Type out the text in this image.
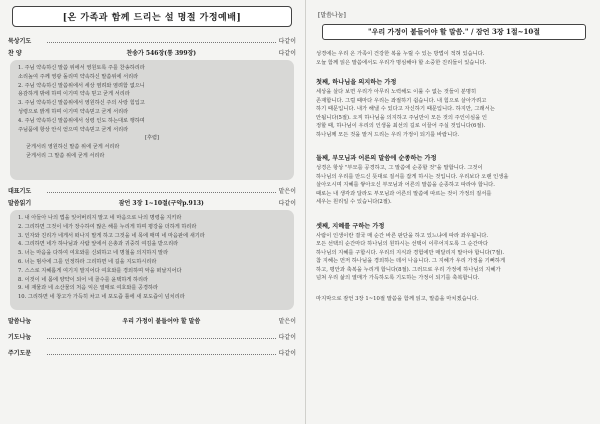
[온 가족과 함께 드리는 설 명절 가정예배]
묵상기도	다같이
찬 양	찬송가 546장(통 399장)	다같이
1. 주님 약속하신 말씀 위에서 영원토록 주를 찬송하리라
소리높여 주께 영광 돌리며 약속하신 말씀위에 서리라
2. 주님 약속하신 말씀위에서 세상 염려와 염려함 없으니
용감하게 밖에 하며 이기며 약속 믿고 굳게 서리라
3. 주님 약속하신 말씀위에서 영원하신 주의 사랑 힘입고
성령으로 밝게 하며 이기며 약속믿고 굳게 서리라
4. 주님 약속하신 말씀위에서 성령 인도 하는대로 행하며
주님품에 항상 안식 얻으며 약속믿고 굳게 서리라
[후렴]
굳게서리 영원하신 말씀 위에 굳게 서리라
굳게서리 그 말씀 위에 굳게 서리라
대표기도	맡은이
말씀읽기	잠언 3장 1~10절(구약p.913)	다같이
1. 내 아들아 나의 법을 잊어버리지 말고 네 마음으로 나의 명령을 지키라
2. 그리하면 그것이 네가 장수하여 많은 해를 누리게 하며 평강을 더하게 하리라
3. 인자와 진리가 네게서 떠나지 말게 하고 그것을 네 목에 매며 네 마음판에 새기라
4. 그리하면 네가 하나님과 사람 앞에서 은총과 귀중히 여김을 받으리라
5. 너는 마음을 다하여 여호와를 신뢰하고 네 명철을 의지하지 말라
6. 너는 범사에 그를 인정하라 그리하면 네 길을 지도하시리라
7. 스스로 지혜롭게 여기지 말지어다 여호와를 경외하며 악을 떠날지어다
8. 이것이 네 몸에 양약이 되어 네 골수를 윤택하게 하리라
9. 네 재물과 네 소산물의 처음 익은 열매로 여호와를 공경하라
10. 그리하면 네 창고가 가득히 차고 네 포도즙 틀에 새 포도즙이 넘치리라
말씀나눔	우리 가정이 붙들어야 할 말씀	맡은이
기도나눔	다같이
주기도문	다같이
[말씀나눔]
"우리 가정이 붙들어야 할 말씀." / 잠언 3장 1절~10절
성경에는 우리 온 가족이 건강한 복을 누릴 수 있는 방법이 적혀 있습니다.
오늘 함께 읽은 말씀에서도 우리가 명심해야 할 소중한 진리들이 있습니다.
첫째, 하나님을 의지하는 가정
세상을 살다 보면 우리가 아무리 노력해도 이룰 수 없는 것들이 분명히
존재합니다. 그럴 때마다 우리는 좌절하기 쉽습니다. 내 힘으로 살아가려고
하기 때문입니다. 내가 해낼 수 있다고 자신하기 때문입니다. 하지만, 그래서는
안됩니다(5절). 오직 하나님을 의지하고 주님만이 모든 것의 주인이심을 인
정할 때, 하나님이 우리의 인생을 최선의 길로 이끌어 주실 것입니다(6절).
하나님께 모든 것을 맡겨 드리는 우리 가정이 되기를 바랍니다.
둘째, 부모님과 어른의 말씀에 순종하는 가정
성경은 항상 "부모를 공경하고, 그 말씀에 순종할 것"을 말합니다. 그것이
하나님의 우리를 만드신 뜻대로 질서를 잡게 하시는 것입니다. 우리보다 오랜 인생을
살아오시며 지혜를 쌓아오신 부모님과 어른의 말씀을 순종하고 따라야 합니다.
때로는 내 생각과 달라도 부모님과 어른의 말씀에 따르는 것이 가정의 질서를
세우는 원리일 수 있습니다(2절).
셋째, 지혜를 구하는 가정
사람이 인생이란 결국 매 순간 바른 판단을 하고 있느냐에 따라 좌우됩니다.
모든 선택의 순간마다 하나님의 원하시는 선택이 이루어지도록 그 순간마다
하나님의 지혜를 구합시다. 우리의 지식과 경험에만 매달리지 말아야 합니다(7절).
참 지혜는 먼저 하나님을 경외하는 데서 나옵니다. 그 지혜가 우리 가정을 기뻐하게
하고, 평안과 축복을 누리게 합니다(8절). 그러므로 우리 가정에 하나님의 지혜가
넘쳐 우리 삶의 열매가 가득하도록 기도하는 가정이 되기를 축복합니다.
마지막으로 잠언 3장 1~10절 말씀을 함께 읽고, 말씀을 마치겠습니다.
